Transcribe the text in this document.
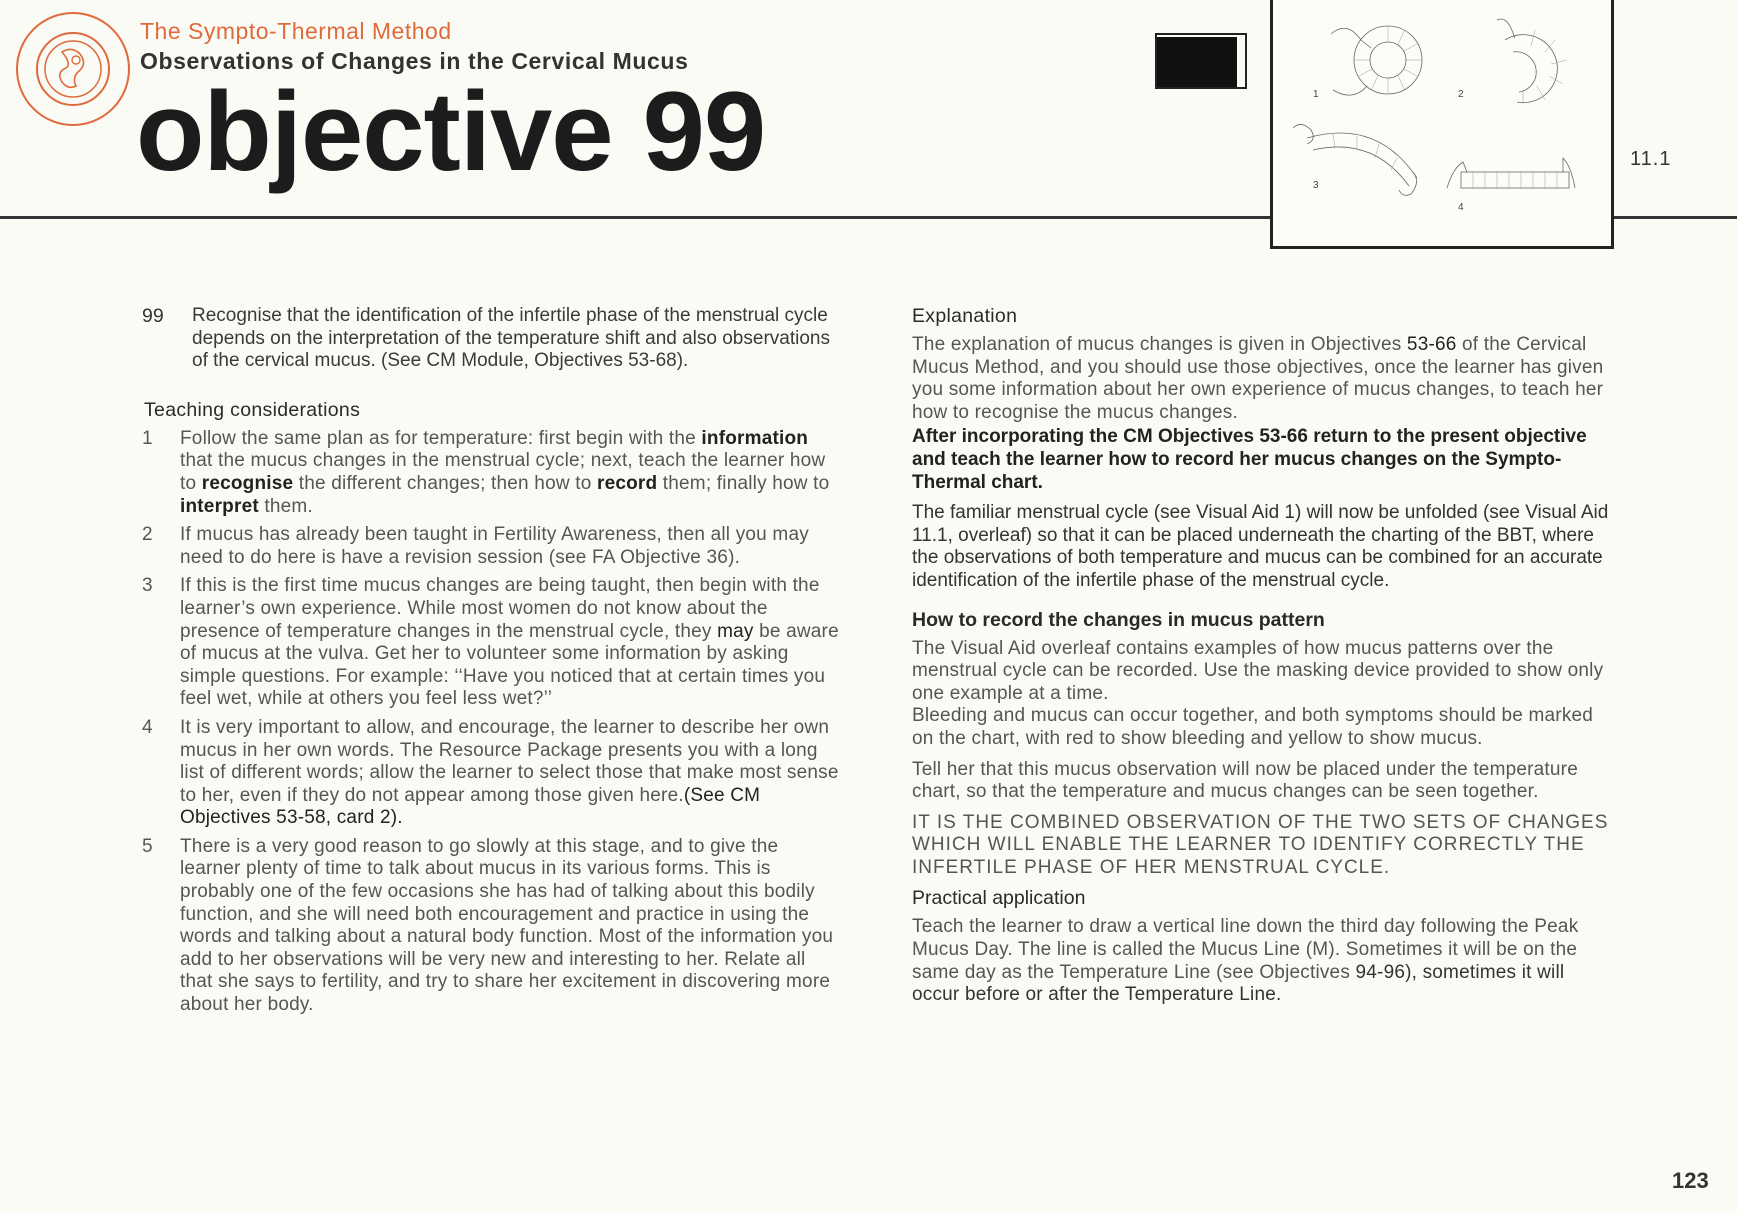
The Sympto-Thermal Method
Observations of Changes in the Cervical Mucus
objective 99	1	2
3
4
11.1
99	Recognise that the identification of the infertile phase of the menstrual cycle depends on the interpretation of the temperature shift and also observations of the cervical mucus. (See CM Module, Objectives 53-68).

Teaching considerations

1	Follow the same plan as for temperature: first begin with the information that the mucus changes in the menstrual cycle; next, teach the learner how to recognise the different changes; then how to record them; finally how to interpret them.

2	If mucus has already been taught in Fertility Awareness, then all you may need to do here is have a revision session (see FA Objective 36).

3	If this is the first time mucus changes are being taught, then begin with the learner’s own experience. While most women do not know about the presence of temperature changes in the menstrual cycle, they may be aware of mucus at the vulva. Get her to volunteer some information by asking simple questions. For example: ‘‘Have you noticed that at certain times you feel wet, while at others you feel less wet?’’

4	It is very important to allow, and encourage, the learner to describe her own mucus in her own words. The Resource Package presents you with a long list of different words; allow the learner to select those that make most sense to her, even if they do not appear among those given here.(See CM Objectives 53-58, card 2).

5	There is a very good reason to go slowly at this stage, and to give the learner plenty of time to talk about mucus in its various forms. This is probably one of the few occasions she has had of talking about this bodily function, and she will need both encouragement and practice in using the words and talking about a natural body function. Most of the information you add to her observations will be very new and interesting to her. Relate all that she says to fertility, and try to share her excitement in discovering more about her body.

Explanation

The explanation of mucus changes is given in Objectives 53-66 of the Cervical Mucus Method, and you should use those objectives, once the learner has given you some information about her own experience of mucus changes, to teach her how to recognise the mucus changes.

After incorporating the CM Objectives 53-66 return to the present objective and teach the learner how to record her mucus changes on the Sympto-Thermal chart.

The familiar menstrual cycle (see Visual Aid 1) will now be unfolded (see Visual Aid 11.1, overleaf) so that it can be placed underneath the charting of the BBT, where the observations of both temperature and mucus can be combined for an accurate identification of the infertile phase of the menstrual cycle.

How to record the changes in mucus pattern

The Visual Aid overleaf contains examples of how mucus patterns over the menstrual cycle can be recorded. Use the masking device provided to show only one example at a time.

Bleeding and mucus can occur together, and both symptoms should be marked on the chart, with red to show bleeding and yellow to show mucus.

Tell her that this mucus observation will now be placed under the temperature chart, so that the temperature and mucus changes can be seen together.

IT IS THE COMBINED OBSERVATION OF THE TWO SETS OF CHANGES WHICH WILL ENABLE THE LEARNER TO IDENTIFY CORRECTLY THE INFERTILE PHASE OF HER MENSTRUAL CYCLE.

Practical application

Teach the learner to draw a vertical line down the third day following the Peak Mucus Day. The line is called the Mucus Line (M). Sometimes it will be on the same day as the Temperature Line (see Objectives 94-96), sometimes it will occur before or after the Temperature Line.

123
